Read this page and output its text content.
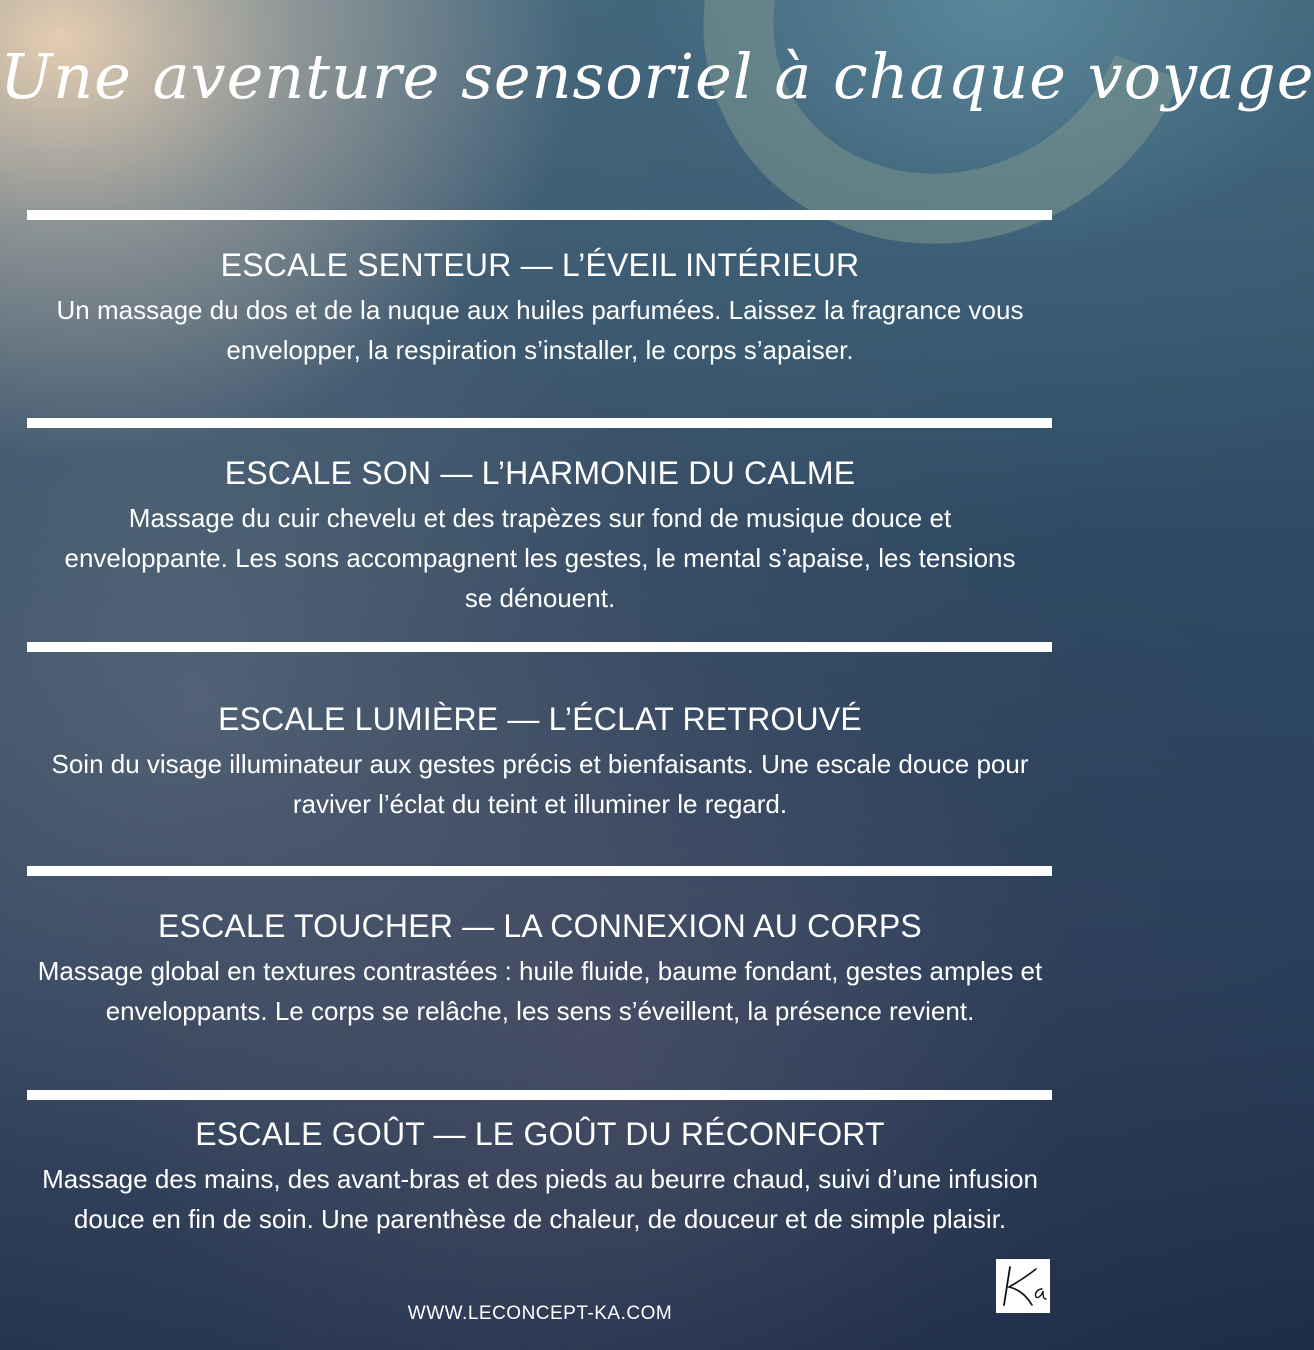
Une aventure sensoriel à chaque voyage
ESCALE SENTEUR — L’ÉVEIL INTÉRIEUR

Un massage du dos et de la nuque aux huiles parfumées. Laissez la fragrance vous envelopper, la respiration s’installer, le corps s’apaiser.

ESCALE SON — L’HARMONIE DU CALME

Massage du cuir chevelu et des trapèzes sur fond de musique douce et enveloppante. Les sons accompagnent les gestes, le mental s’apaise, les tensions se dénouent.

ESCALE LUMIÈRE — L’ÉCLAT RETROUVÉ

Soin du visage illuminateur aux gestes précis et bienfaisants. Une escale douce pour raviver l’éclat du teint et illuminer le regard.

ESCALE TOUCHER — LA CONNEXION AU CORPS

Massage global en textures contrastées : huile fluide, baume fondant, gestes amples et enveloppants. Le corps se relâche, les sens s’éveillent, la présence revient.

ESCALE GOÛT — LE GOÛT DU RÉCONFORT

Massage des mains, des avant-bras et des pieds au beurre chaud, suivi d’une infusion douce en fin de soin. Une parenthèse de chaleur, de douceur et de simple plaisir.

WWW.LECONCEPT-KA.COM
